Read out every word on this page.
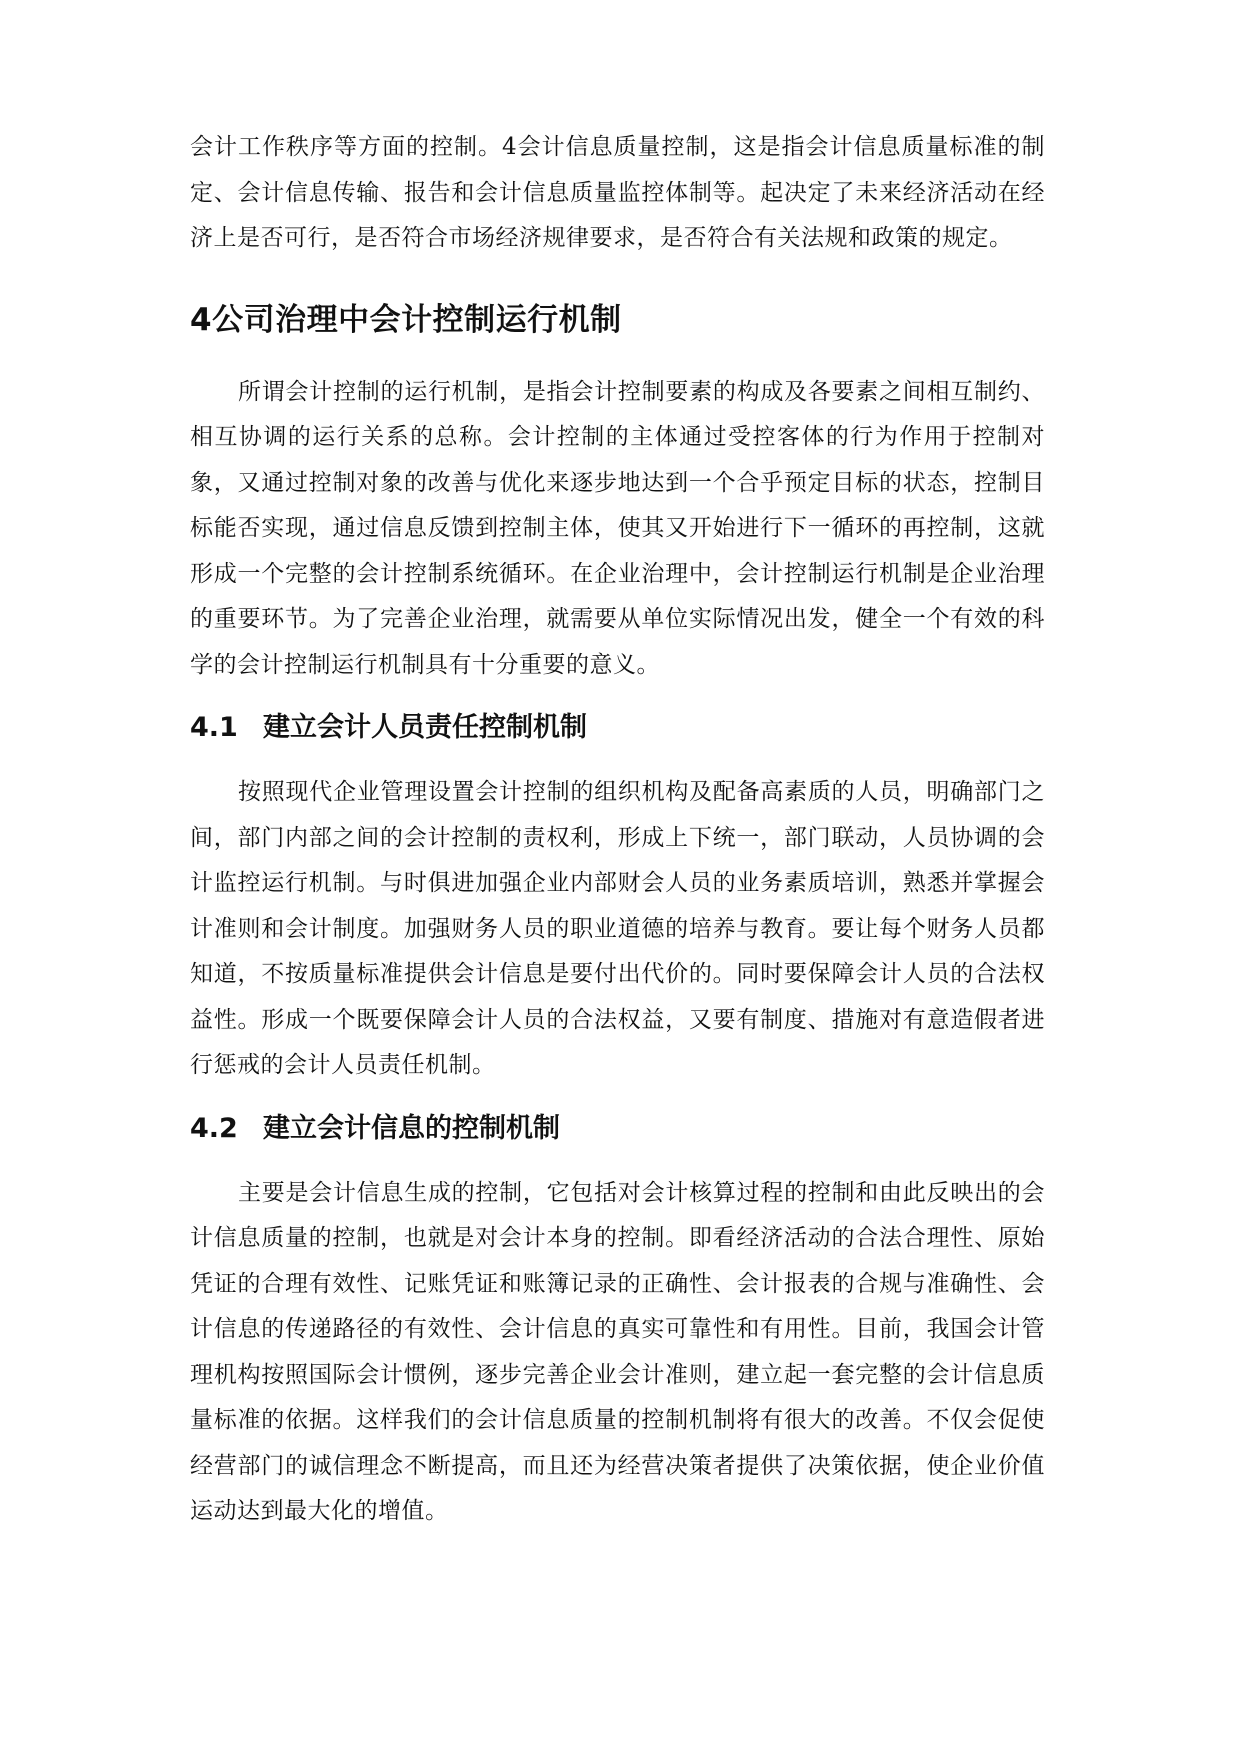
会计工作秩序等方面的控制。4会计信息质量控制，这是指会计信息质量标准的制定、会计信息传输、报告和会计信息质量监控体制等。起决定了未来经济活动在经济上是否可行，是否符合市场经济规律要求，是否符合有关法规和政策的规定。

4公司治理中会计控制运行机制

所谓会计控制的运行机制，是指会计控制要素的构成及各要素之间相互制约、相互协调的运行关系的总称。会计控制的主体通过受控客体的行为作用于控制对象，又通过控制对象的改善与优化来逐步地达到一个合乎预定目标的状态，控制目标能否实现，通过信息反馈到控制主体，使其又开始进行下一循环的再控制，这就形成一个完整的会计控制系统循环。在企业治理中，会计控制运行机制是企业治理的重要环节。为了完善企业治理，就需要从单位实际情况出发，健全一个有效的科学的会计控制运行机制具有十分重要的意义。

4.1 建立会计人员责任控制机制

按照现代企业管理设置会计控制的组织机构及配备高素质的人员，明确部门之间，部门内部之间的会计控制的责权利，形成上下统一，部门联动，人员协调的会计监控运行机制。与时俱进加强企业内部财会人员的业务素质培训，熟悉并掌握会计准则和会计制度。加强财务人员的职业道德的培养与教育。要让每个财务人员都知道，不按质量标准提供会计信息是要付出代价的。同时要保障会计人员的合法权益性。形成一个既要保障会计人员的合法权益，又要有制度、措施对有意造假者进行惩戒的会计人员责任机制。

4.2 建立会计信息的控制机制

主要是会计信息生成的控制，它包括对会计核算过程的控制和由此反映出的会计信息质量的控制，也就是对会计本身的控制。即看经济活动的合法合理性、原始凭证的合理有效性、记账凭证和账簿记录的正确性、会计报表的合规与准确性、会计信息的传递路径的有效性、会计信息的真实可靠性和有用性。目前，我国会计管理机构按照国际会计惯例，逐步完善企业会计准则，建立起一套完整的会计信息质量标准的依据。这样我们的会计信息质量的控制机制将有很大的改善。不仅会促使经营部门的诚信理念不断提高，而且还为经营决策者提供了决策依据，使企业价值运动达到最大化的增值。
